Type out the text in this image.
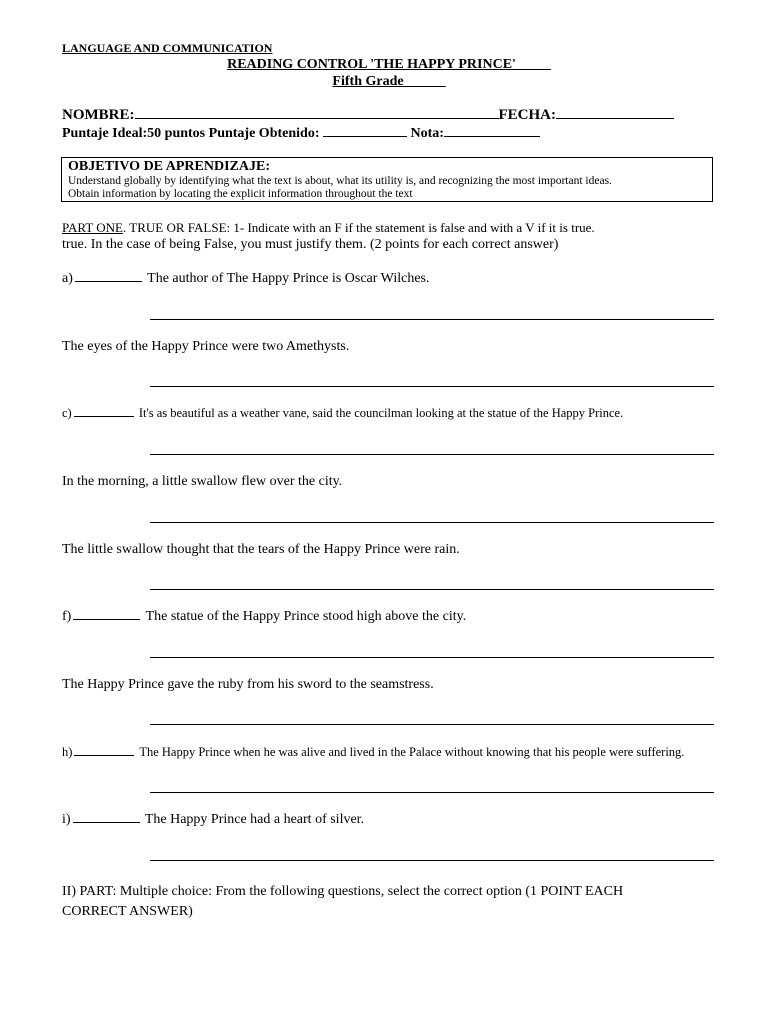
LANGUAGE AND COMMUNICATION
READING CONTROL 'THE HAPPY PRINCE'_____
Fifth Grade______
NOMBRE:	FECHA:
Puntaje Ideal:50 puntos Puntaje Obtenido:	Nota:
OBJETIVO DE APRENDIZAJE:
Understand globally by identifying what the text is about, what its utility is, and recognizing the most important ideas.
Obtain information by locating the explicit information throughout the text
PART ONE. TRUE OR FALSE: 1- Indicate with an F if the statement is false and with a V if it is true.
true. In the case of being False, you must justify them. (2 points for each correct answer)
a)	The author of The Happy Prince is Oscar Wilches.
The eyes of the Happy Prince were two Amethysts.
c)	It's as beautiful as a weather vane, said the councilman looking at the statue of the Happy Prince.
In the morning, a little swallow flew over the city.
The little swallow thought that the tears of the Happy Prince were rain.
f)	The statue of the Happy Prince stood high above the city.
The Happy Prince gave the ruby from his sword to the seamstress.
h)	The Happy Prince when he was alive and lived in the Palace without knowing that his people were suffering.
i)	The Happy Prince had a heart of silver.
II) PART: Multiple choice: From the following questions, select the correct option (1 POINT EACH CORRECT ANSWER)
